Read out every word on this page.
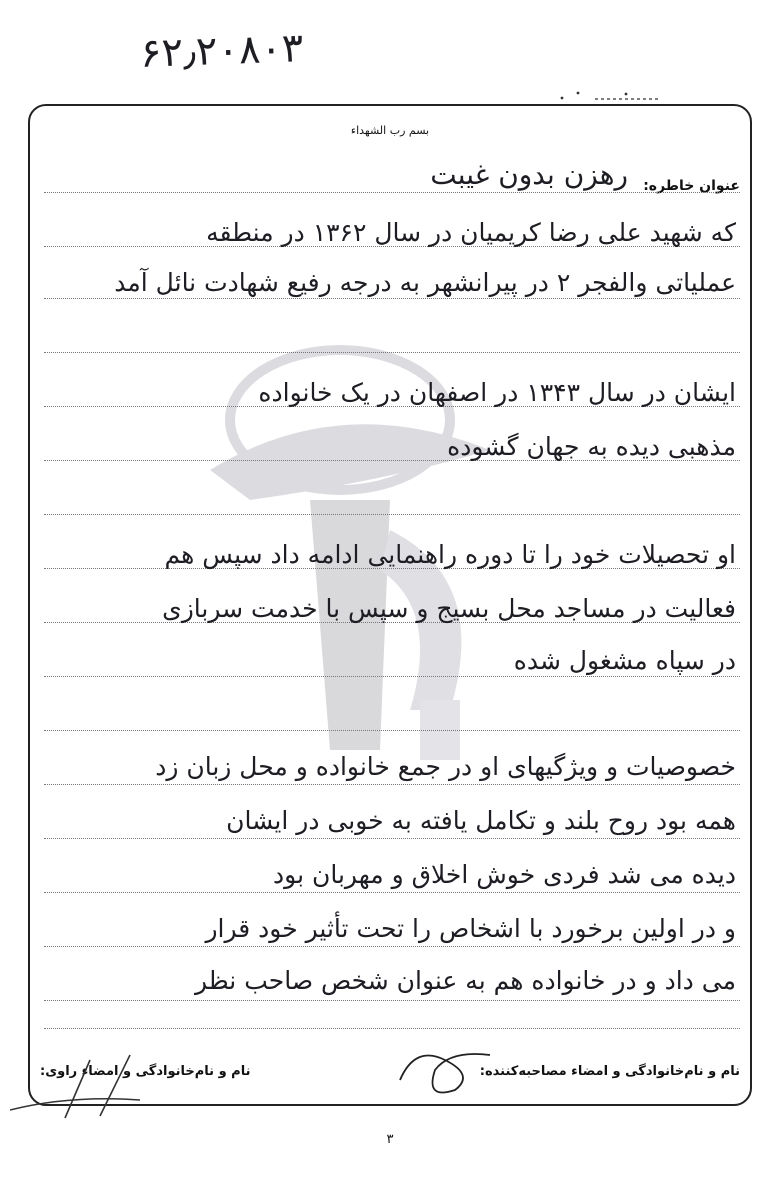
۶۲٫۲۰۸۰۳
بسم رب الشهداء
عنوان خاطره:
رهزن بدون غیبت
که شهید علی رضا کریمیان در سال ۱۳۶۲ در منطقه
عملیاتی والفجر ۲ در پیرانشهر به درجه رفیع شهادت نائل آمد
ایشان در سال ۱۳۴۳ در اصفهان در یک خانواده
مذهبی دیده به جهان گشوده
او تحصیلات خود را تا دوره راهنمایی ادامه داد سپس هم
فعالیت در مساجد محل بسیج و سپس با خدمت سربازی
در سپاه مشغول شده
خصوصیات و ویژگیهای او در جمع خانواده و محل زبان زد
همه بود روح بلند و تکامل یافته به خوبی در ایشان
دیده می شد فردی خوش اخلاق و مهربان بود
و در اولین برخورد با اشخاص را تحت تأثیر خود قرار
می داد و در خانواده هم به عنوان شخص صاحب نظر
نام و نام‌خانوادگی و امضاء مصاحبه‌کننده:
نام و نام‌خانوادگی و امضاء راوی:
۳
